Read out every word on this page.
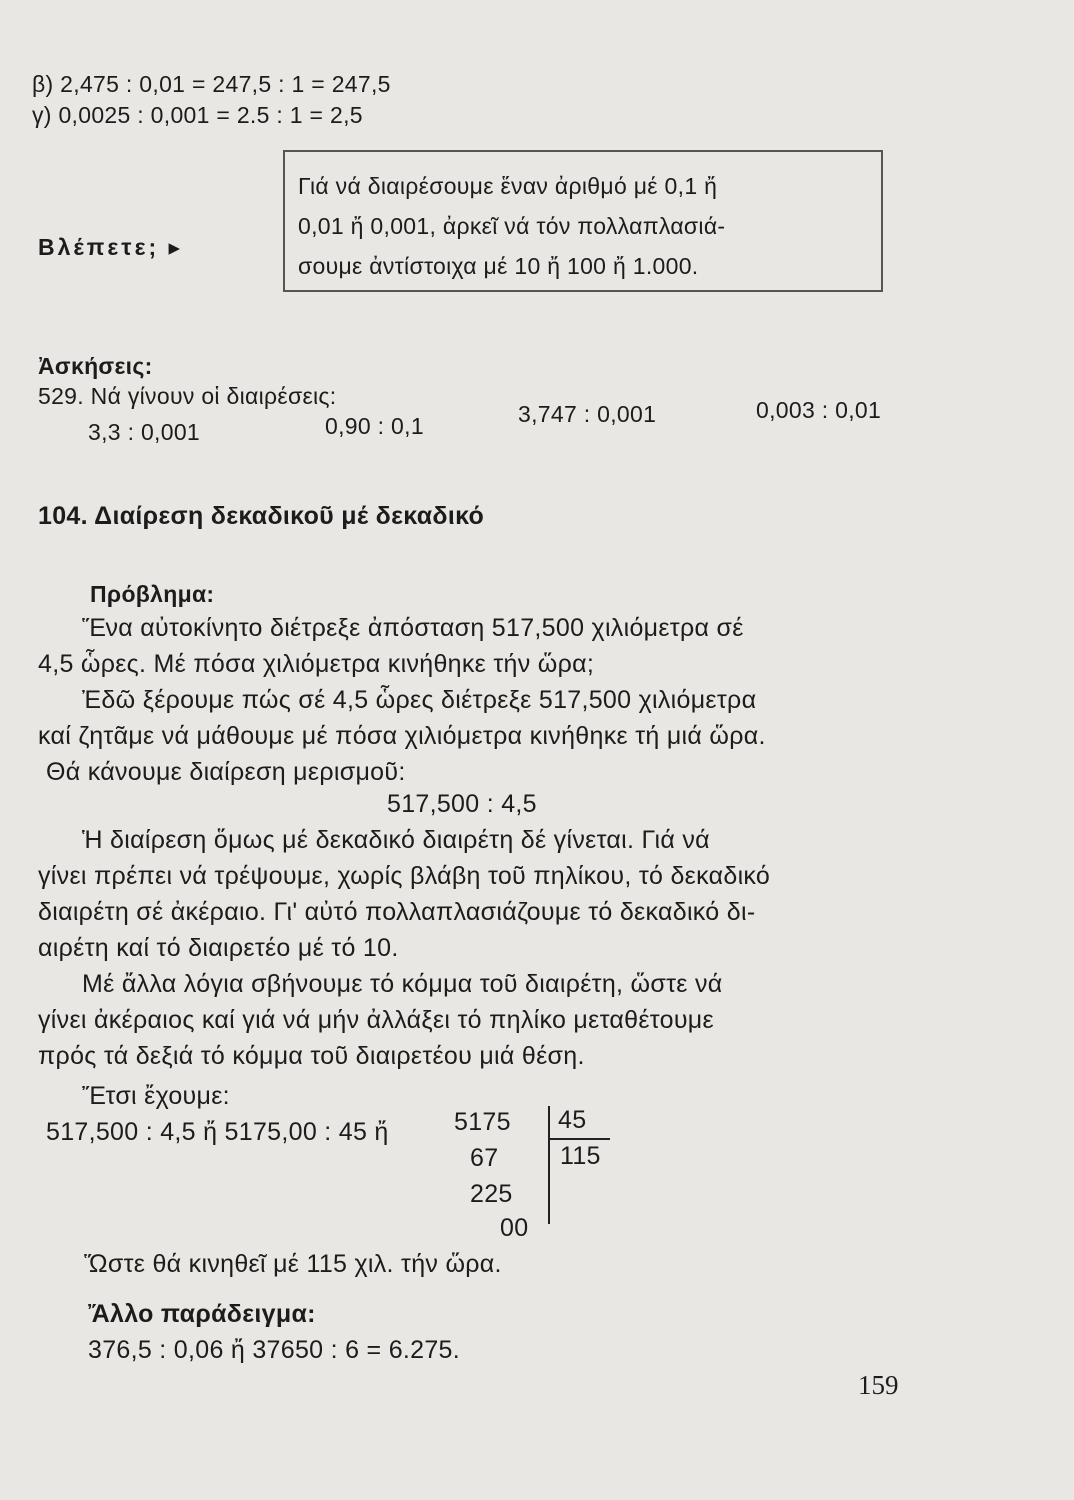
β) 2,475 : 0,01 = 247,5 : 1 = 247,5
γ) 0,0025 : 0,001 = 2.5 : 1 = 2,5
Βλέπετε; ▸
Γιά νά διαιρέσουμε ἕναν ἀριθμό μέ 0,1 ἤ
0,01 ἤ 0,001, ἀρκεῖ νά τόν πολλαπλασιά-
σουμε ἀντίστοιχα μέ 10 ἤ 100 ἤ 1.000.
Ἀσκήσεις:
529. Νά γίνουν οἱ διαιρέσεις:
3,3 : 0,001	0,90 : 0,1	3,747 : 0,001	0,003 : 0,01
104. Διαίρεση δεκαδικοῦ μέ δεκαδικό
Πρόβλημα:
Ἕνα αὐτοκίνητο διέτρεξε ἀπόσταση 517,500 χιλιόμετρα σέ
4,5 ὧρες. Μέ πόσα χιλιόμετρα κινήθηκε τήν ὥρα;
Ἐδῶ ξέρουμε πώς σέ 4,5 ὧρες διέτρεξε 517,500 χιλιόμετρα
καί ζητᾶμε νά μάθουμε μέ πόσα χιλιόμετρα κινήθηκε τή μιά ὥρα.
Θά κάνουμε διαίρεση μερισμοῦ:
517,500 : 4,5
Ἡ διαίρεση ὅμως μέ δεκαδικό διαιρέτη δέ γίνεται. Γιά νά
γίνει πρέπει νά τρέψουμε, χωρίς βλάβη τοῦ πηλίκου, τό δεκαδικό
διαιρέτη σέ ἀκέραιο. Γι' αὐτό πολλαπλασιάζουμε τό δεκαδικό δι-
αιρέτη καί τό διαιρετέο μέ τό 10.
Μέ ἄλλα λόγια σβήνουμε τό κόμμα τοῦ διαιρέτη, ὥστε νά
γίνει ἀκέραιος καί γιά νά μήν ἀλλάξει τό πηλίκο μεταθέτουμε
πρός τά δεξιά τό κόμμα τοῦ διαιρετέου μιά θέση.
Ἔτσι ἔχουμε:
517,500 : 4,5 ἤ 5175,00 : 45 ἤ	5175 45
67 115
225
00
Ὥστε θά κινηθεῖ μέ 115 χιλ. τήν ὥρα.
Ἄλλο παράδειγμα:
376,5 : 0,06 ἤ 37650 : 6 = 6.275.
159
